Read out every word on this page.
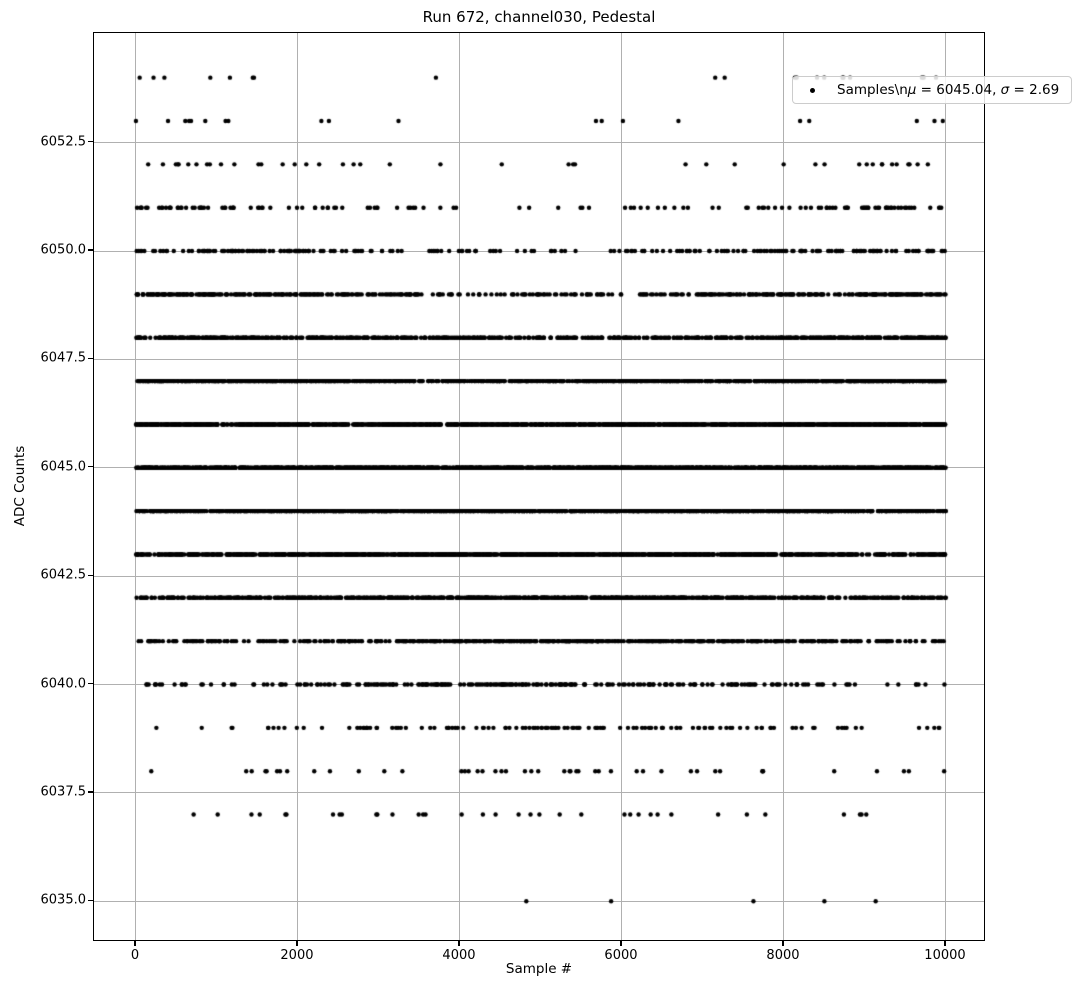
Run 672, channel030, Pedestal
Samples\nμ = 6045.04, σ = 2.69
Sample #
ADC Counts
0	2000	4000	6000	8000	10000
6035.0
6037.5
6040.0
6042.5
6045.0
6047.5
6050.0
6052.5
